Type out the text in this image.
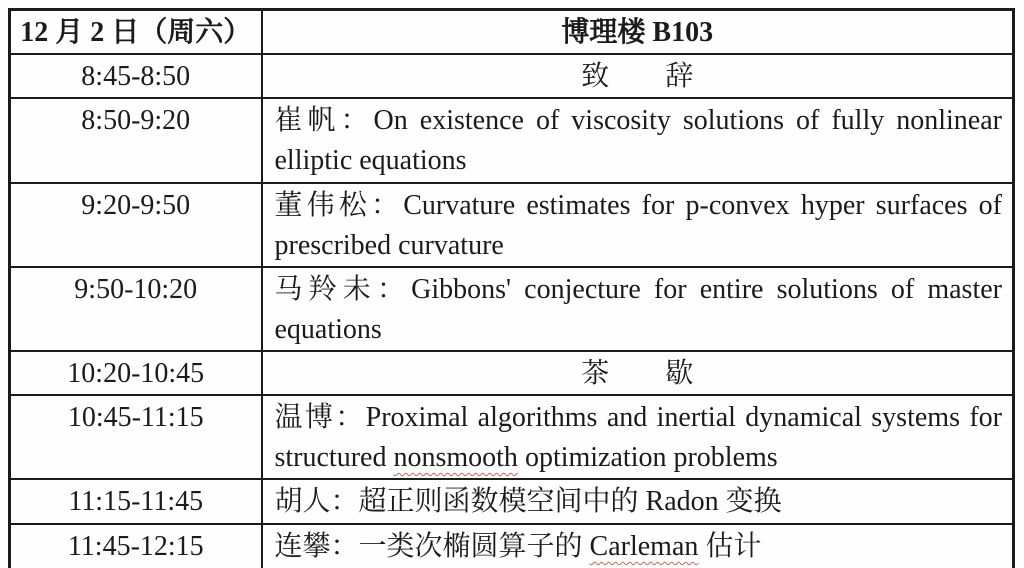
12 月 2 日（周六）	博理楼 B103
8:45-8:50	致　　辞
8:50-9:20	崔帆：On existence of viscosity solutions of fully nonlinear elliptic equations
9:20-9:50	董伟松：Curvature estimates for p-convex hyper surfaces of prescribed curvature
9:50-10:20	马羚未：Gibbons' conjecture for entire solutions of master equations
10:20-10:45	茶　　歇
10:45-11:15	温博：Proximal algorithms and inertial dynamical systems for structured nonsmooth optimization problems
11:15-11:45	胡人：超正则函数模空间中的 Radon 变换
11:45-12:15	连攀：一类次椭圆算子的 Carleman 估计
